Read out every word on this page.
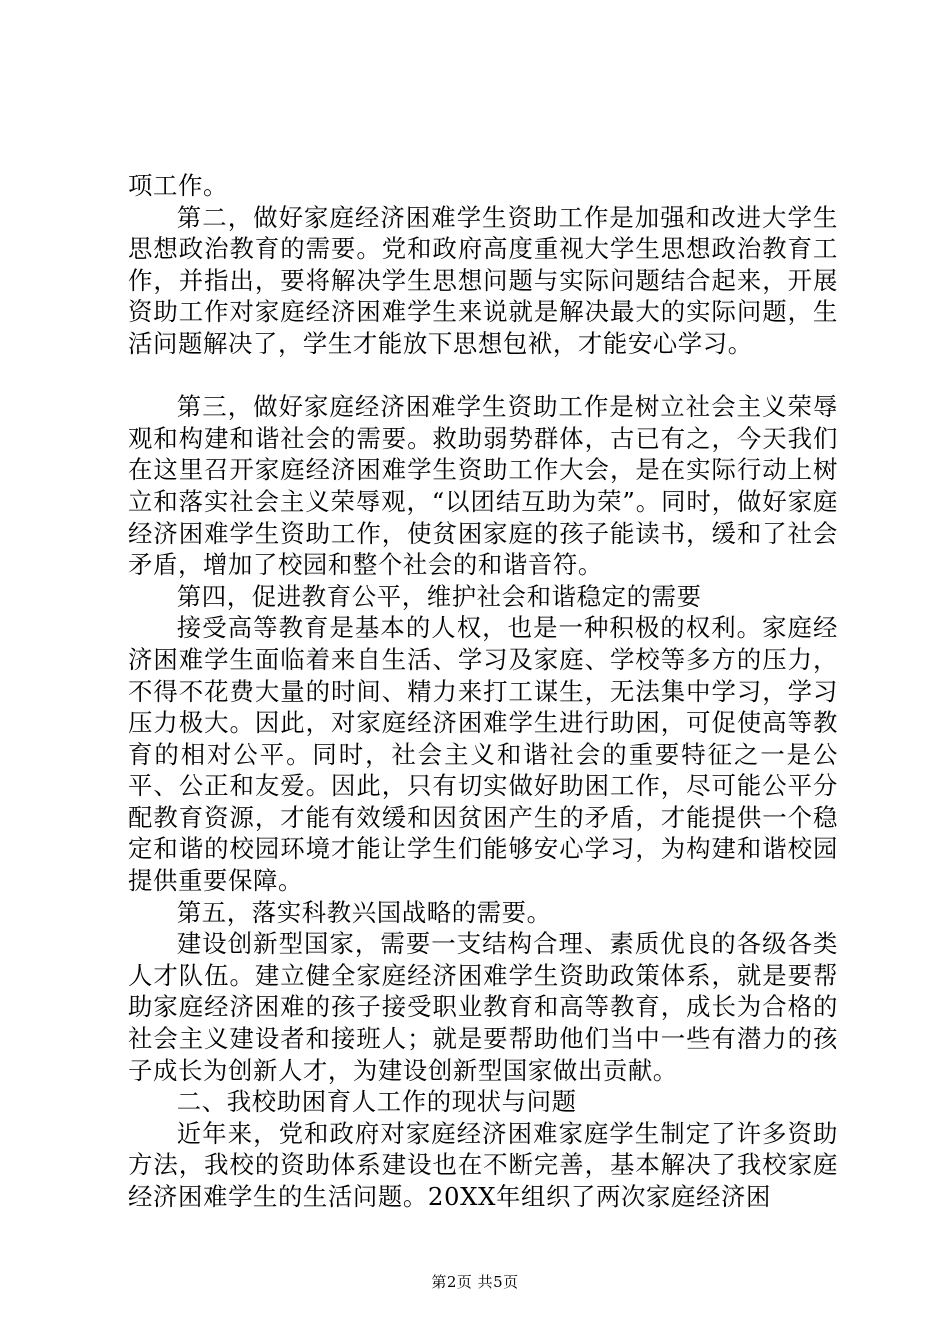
项工作。

第二，做好家庭经济困难学生资助工作是加强和改进大学生思想政治教育的需要。党和政府高度重视大学生思想政治教育工作，并指出，要将解决学生思想问题与实际问题结合起来，开展资助工作对家庭经济困难学生来说就是解决最大的实际问题，生活问题解决了，学生才能放下思想包袱，才能安心学习。

第三，做好家庭经济困难学生资助工作是树立社会主义荣辱观和构建和谐社会的需要。救助弱势群体，古已有之，今天我们在这里召开家庭经济困难学生资助工作大会，是在实际行动上树立和落实社会主义荣辱观，“以团结互助为荣”。同时，做好家庭经济困难学生资助工作，使贫困家庭的孩子能读书，缓和了社会矛盾，增加了校园和整个社会的和谐音符。

第四，促进教育公平，维护社会和谐稳定的需要

接受高等教育是基本的人权，也是一种积极的权利。家庭经济困难学生面临着来自生活、学习及家庭、学校等多方的压力，不得不花费大量的时间、精力来打工谋生，无法集中学习，学习压力极大。因此，对家庭经济困难学生进行助困，可促使高等教育的相对公平。同时，社会主义和谐社会的重要特征之一是公平、公正和友爱。因此，只有切实做好助困工作，尽可能公平分配教育资源，才能有效缓和因贫困产生的矛盾，才能提供一个稳定和谐的校园环境才能让学生们能够安心学习，为构建和谐校园提供重要保障。

第五，落实科教兴国战略的需要。

建设创新型国家，需要一支结构合理、素质优良的各级各类人才队伍。建立健全家庭经济困难学生资助政策体系，就是要帮助家庭经济困难的孩子接受职业教育和高等教育，成长为合格的社会主义建设者和接班人；就是要帮助他们当中一些有潜力的孩子成长为创新人才，为建设创新型国家做出贡献。

二、我校助困育人工作的现状与问题

近年来，党和政府对家庭经济困难家庭学生制定了许多资助方法，我校的资助体系建设也在不断完善，基本解决了我校家庭经济困难学生的生活问题。20XX年组织了两次家庭经济困

第2页 共5页
